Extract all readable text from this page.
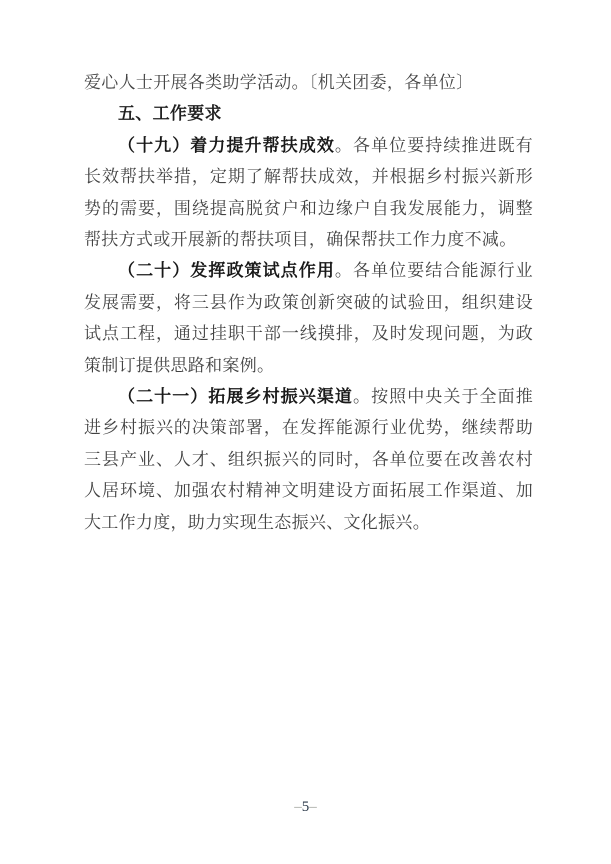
爱心人士开展各类助学活动。〔机关团委，各单位〕

五、工作要求

（十九）着力提升帮扶成效。各单位要持续推进既有长效帮扶举措，定期了解帮扶成效，并根据乡村振兴新形势的需要，围绕提高脱贫户和边缘户自我发展能力，调整帮扶方式或开展新的帮扶项目，确保帮扶工作力度不减。

（二十）发挥政策试点作用。各单位要结合能源行业发展需要，将三县作为政策创新突破的试验田，组织建设试点工程，通过挂职干部一线摸排，及时发现问题，为政策制订提供思路和案例。

（二十一）拓展乡村振兴渠道。按照中央关于全面推进乡村振兴的决策部署，在发挥能源行业优势，继续帮助三县产业、人才、组织振兴的同时，各单位要在改善农村人居环境、加强农村精神文明建设方面拓展工作渠道、加大工作力度，助力实现生态振兴、文化振兴。

–5–
